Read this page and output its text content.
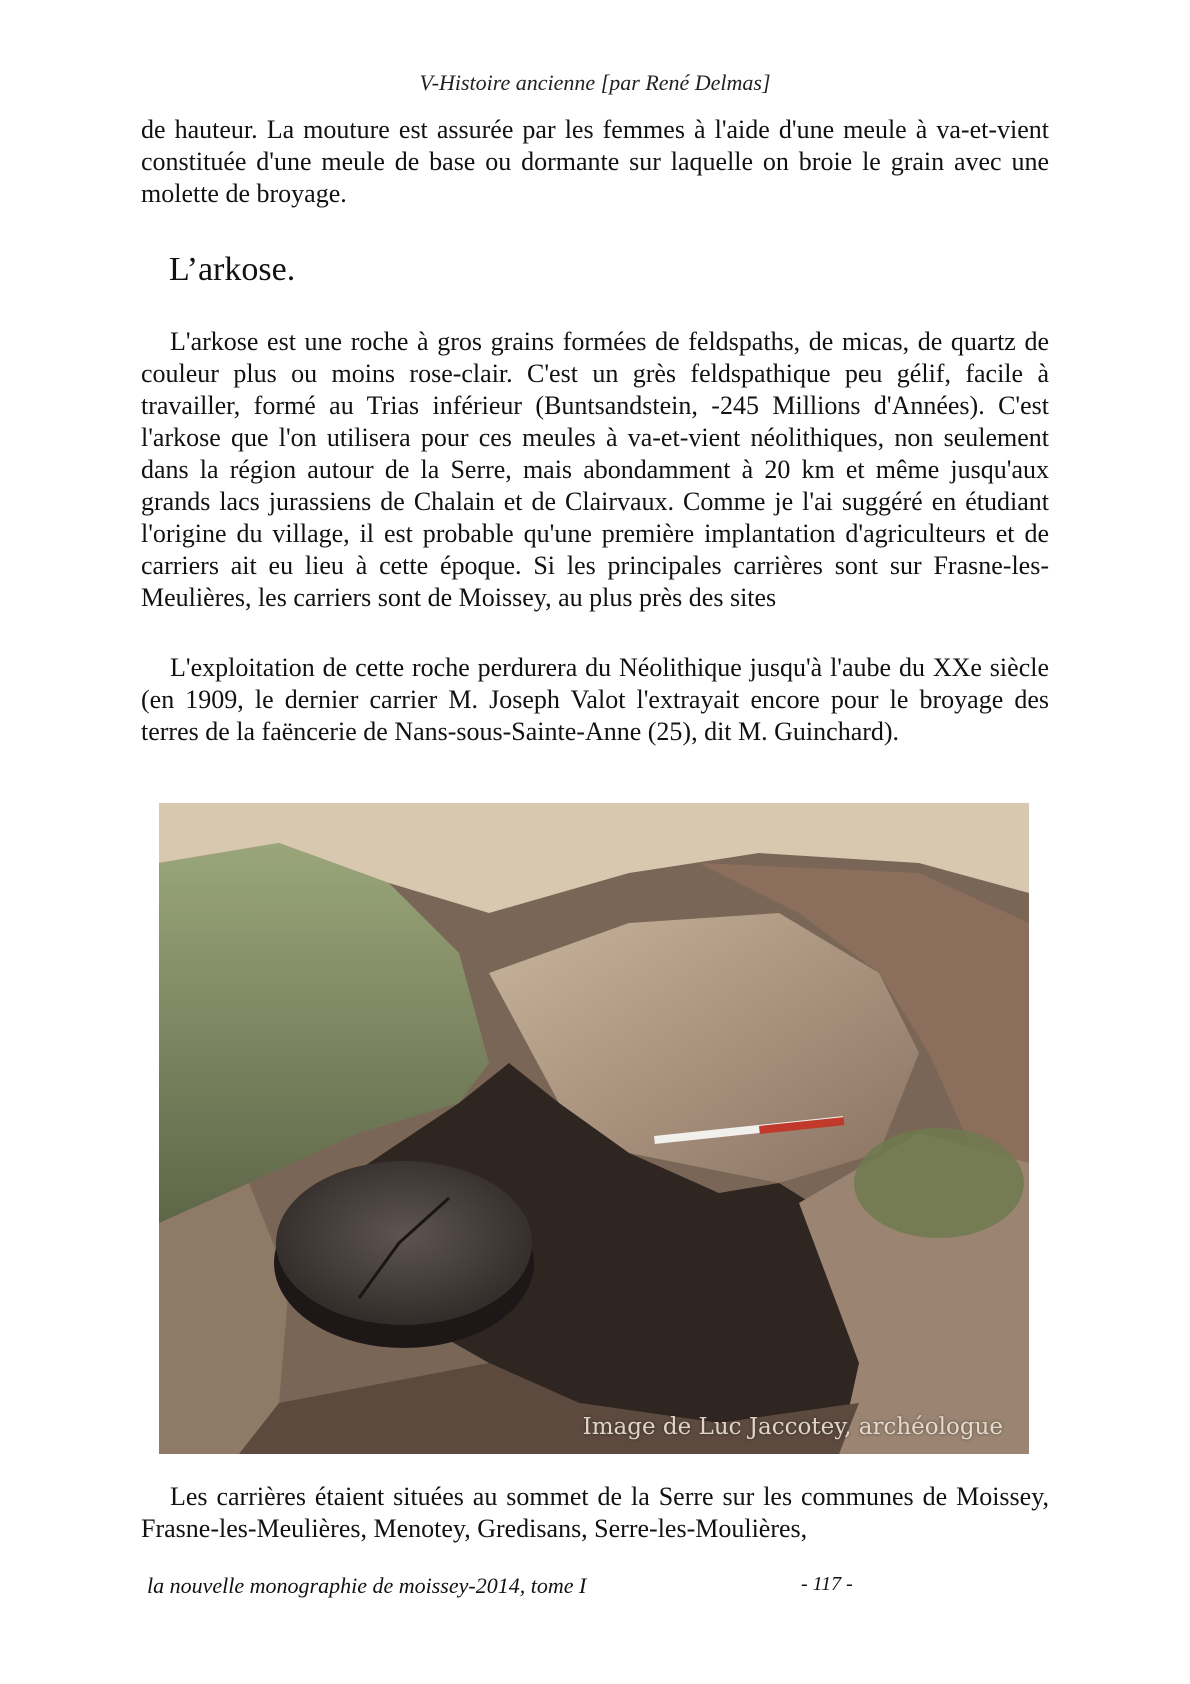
V-Histoire ancienne [par René Delmas]

de hauteur. La mouture est assurée par les femmes à l'aide d'une meule à va-et-vient constituée d'une meule de base ou dormante sur laquelle on broie le grain avec une molette de broyage.

L’arkose.

L'arkose est une roche à gros grains formées de feldspaths, de micas, de quartz de couleur plus ou moins rose-clair. C'est un grès feldspathique peu gélif, facile à travailler, formé au Trias inférieur (Buntsandstein, -245 Millions d'Années). C'est l'arkose que l'on utilisera pour ces meules à va-et-vient néolithiques, non seulement dans la région autour de la Serre, mais abondamment à 20 km et même jusqu'aux grands lacs jurassiens de Chalain et de Clairvaux. Comme je l'ai suggéré en étudiant l'origine du village, il est probable qu'une première implantation d'agriculteurs et de carriers ait eu lieu à cette époque. Si les principales carrières sont sur Frasne-les-Meulières, les carriers sont de Moissey, au plus près des sites

L'exploitation de cette roche perdurera du Néolithique jusqu'à l'aube du XXe siècle (en 1909, le dernier carrier M. Joseph Valot l'extrayait encore pour le broyage des terres de la faëncerie de Nans-sous-Sainte-Anne (25), dit M. Guinchard).

Image de Luc Jaccotey, archéologue

Les carrières étaient situées au sommet de la Serre sur les communes de Moissey, Frasne-les-Meulières, Menotey, Gredisans, Serre-les-Moulières,

la nouvelle monographie de moissey-2014, tome I	- 117 -
